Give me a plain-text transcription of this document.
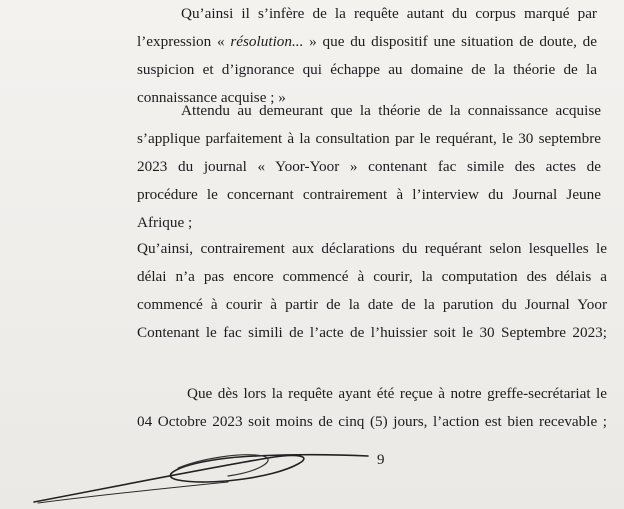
Qu’ainsi il s’infère de la requête autant du corpus marqué par
l’expression « résolution... » que du dispositif une situation de doute, de
suspicion et d’ignorance qui échappe au domaine de la théorie de la
connaissance acquise ; »

Attendu au demeurant que la théorie de la connaissance acquise
s’applique parfaitement à la consultation par le requérant, le 30 septembre
2023 du journal « Yoor-Yoor » contenant fac simile des actes de
procédure le concernant contrairement à l’interview du Journal Jeune
Afrique ;

Qu’ainsi, contrairement aux déclarations du requérant selon lesquelles le
délai n’a pas encore commencé à courir, la computation des délais a
commencé à courir à partir de la date de la parution du Journal Yoor
Contenant le fac simili de l’acte de l’huissier soit le 30 Septembre 2023;

Que dès lors la requête ayant été reçue à notre greffe-secrétariat le
04 Octobre 2023 soit moins de cinq (5) jours, l’action est bien recevable ;

9
